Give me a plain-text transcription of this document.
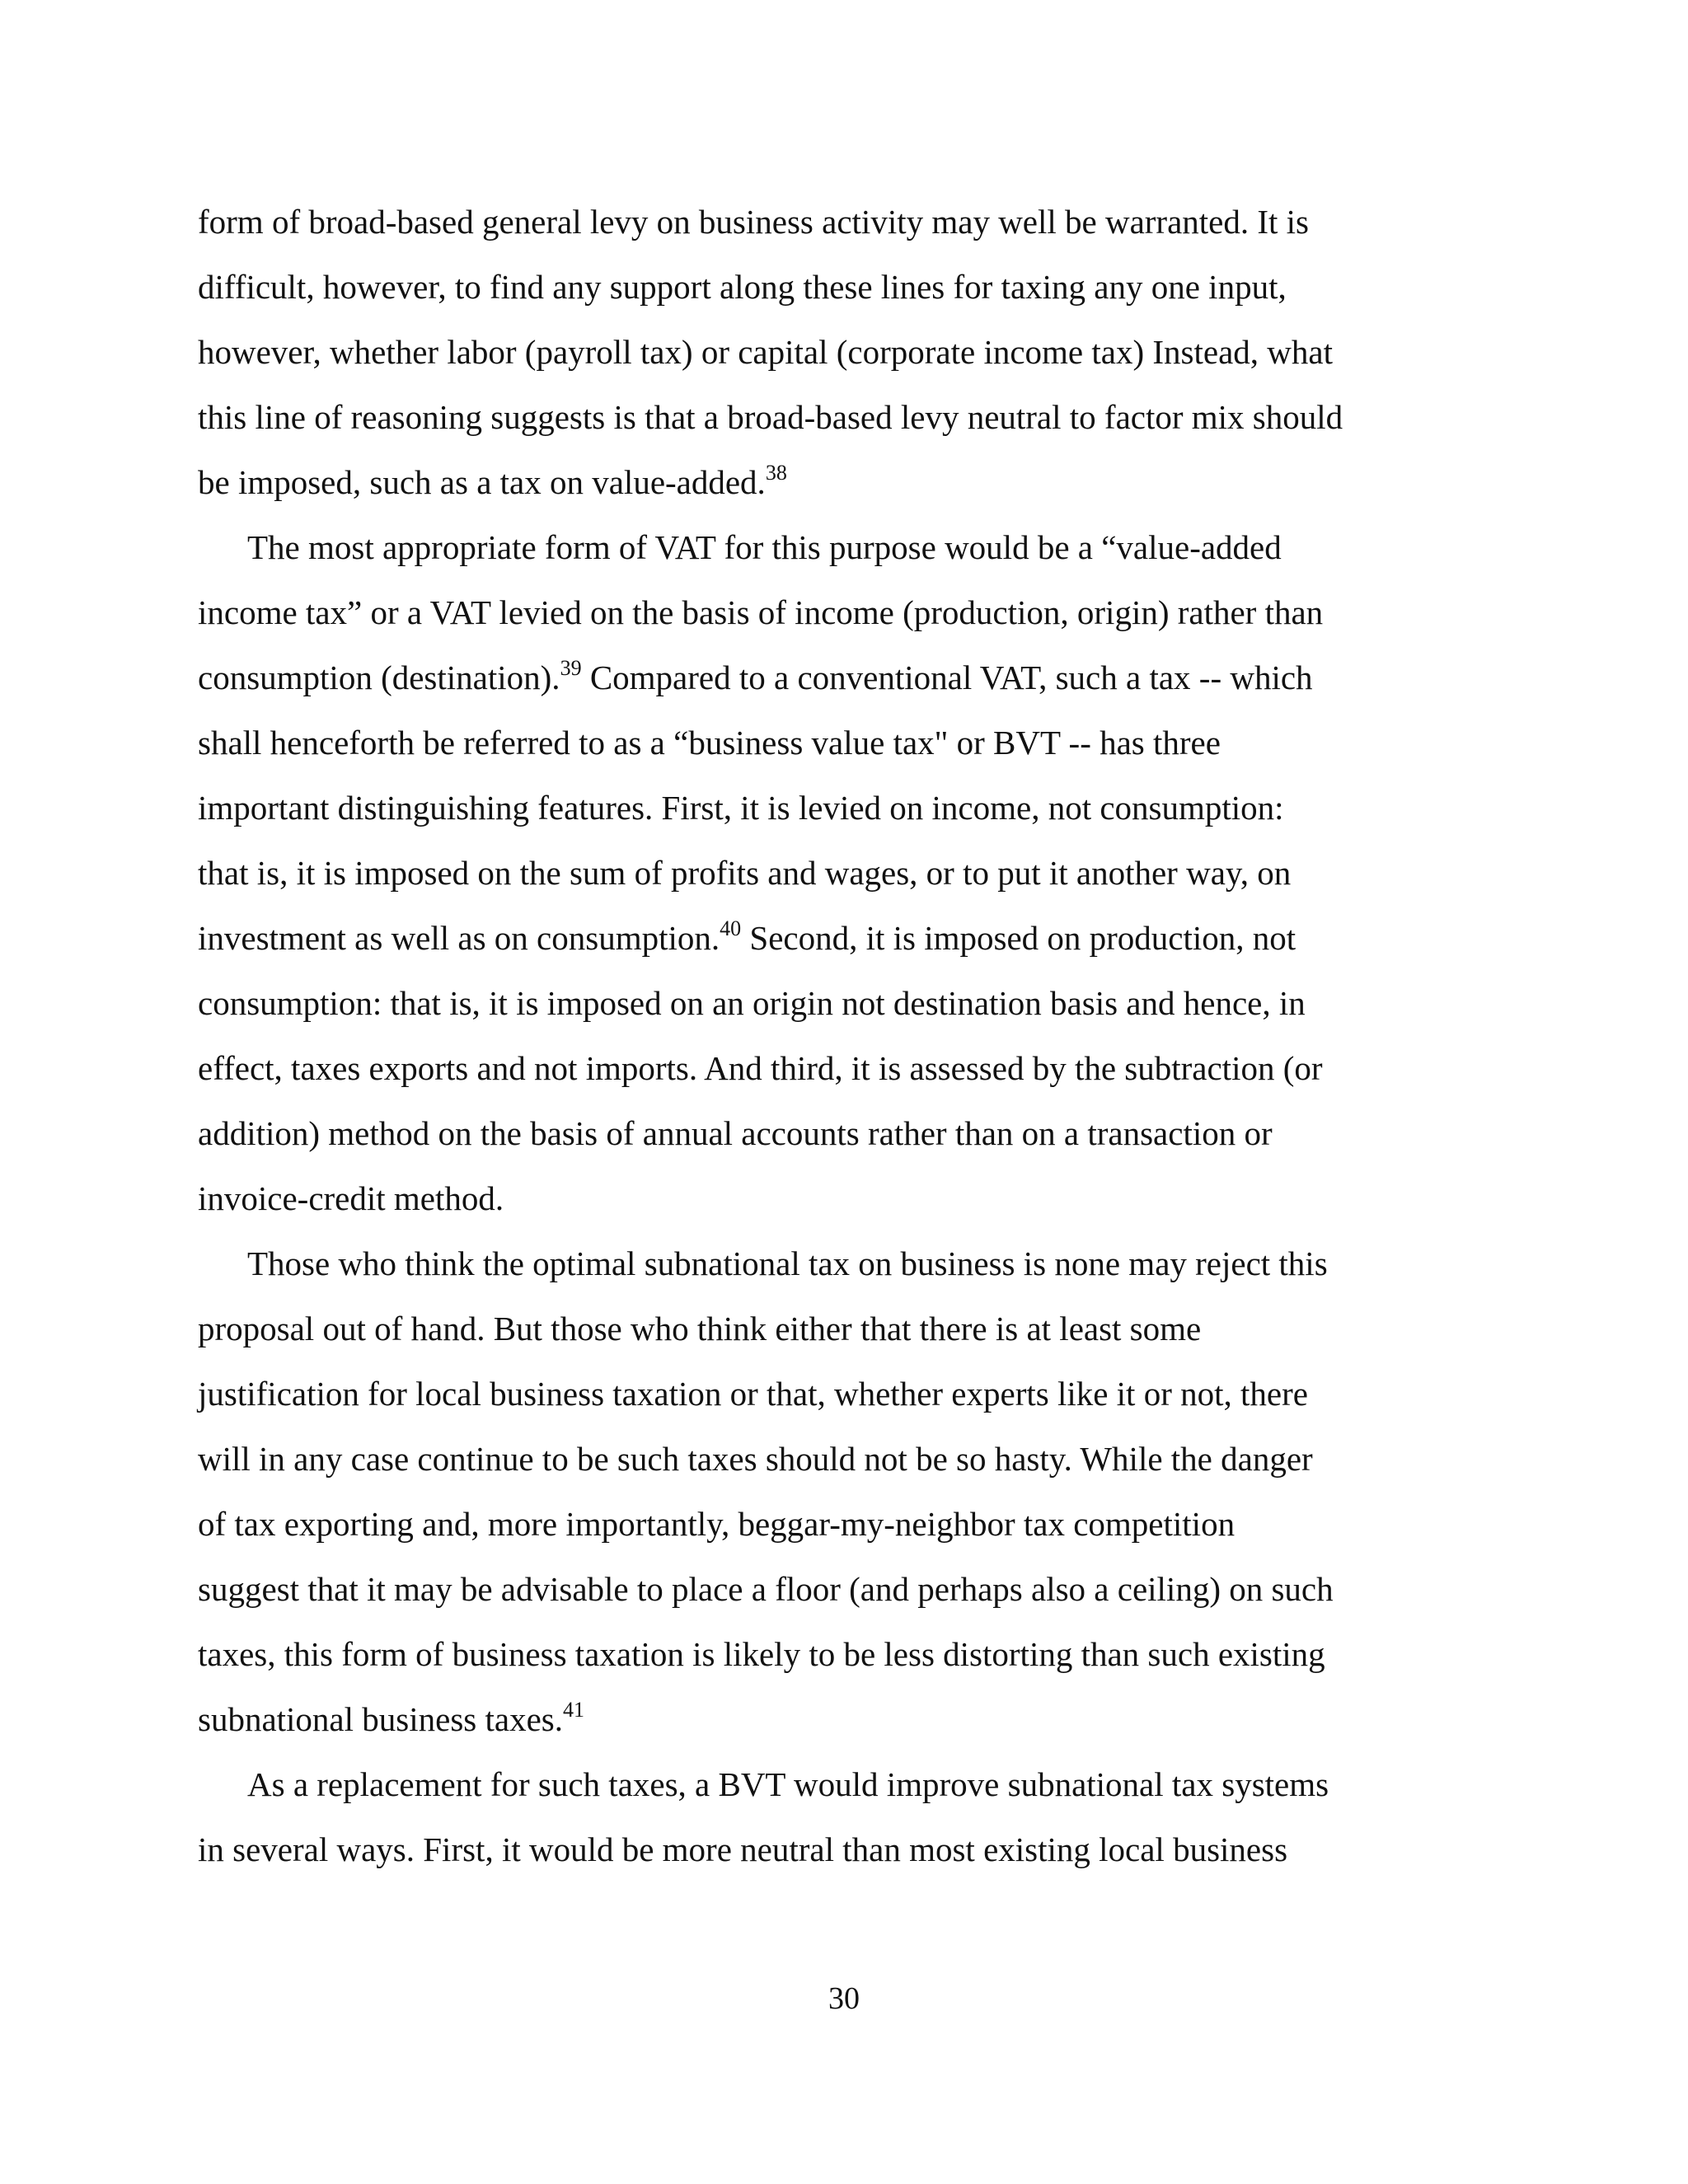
form of broad-based general levy on business activity may well be warranted. It is
difficult, however, to find any support along these lines for taxing any one input,
however, whether labor (payroll tax) or capital (corporate income tax) Instead, what
this line of reasoning suggests is that a broad-based levy neutral to factor mix should
be imposed, such as a tax on value-added.$^{38}$

The most appropriate form of VAT for this purpose would be a “value-added
income tax” or a VAT levied on the basis of income (production, origin) rather than
consumption (destination).$^{39}$ Compared to a conventional VAT, such a tax -- which
shall henceforth be referred to as a “business value tax" or BVT -- has three
important distinguishing features. First, it is levied on income, not consumption:
that is, it is imposed on the sum of profits and wages, or to put it another way, on
investment as well as on consumption.$^{40}$ Second, it is imposed on production, not
consumption: that is, it is imposed on an origin not destination basis and hence, in
effect, taxes exports and not imports. And third, it is assessed by the subtraction (or
addition) method on the basis of annual accounts rather than on a transaction or
invoice-credit method.

Those who think the optimal subnational tax on business is none may reject this
proposal out of hand. But those who think either that there is at least some
justification for local business taxation or that, whether experts like it or not, there
will in any case continue to be such taxes should not be so hasty. While the danger
of tax exporting and, more importantly, beggar-my-neighbor tax competition
suggest that it may be advisable to place a floor (and perhaps also a ceiling) on such
taxes, this form of business taxation is likely to be less distorting than such existing
subnational business taxes.$^{41}$

As a replacement for such taxes, a BVT would improve subnational tax systems
in several ways. First, it would be more neutral than most existing local business

30
